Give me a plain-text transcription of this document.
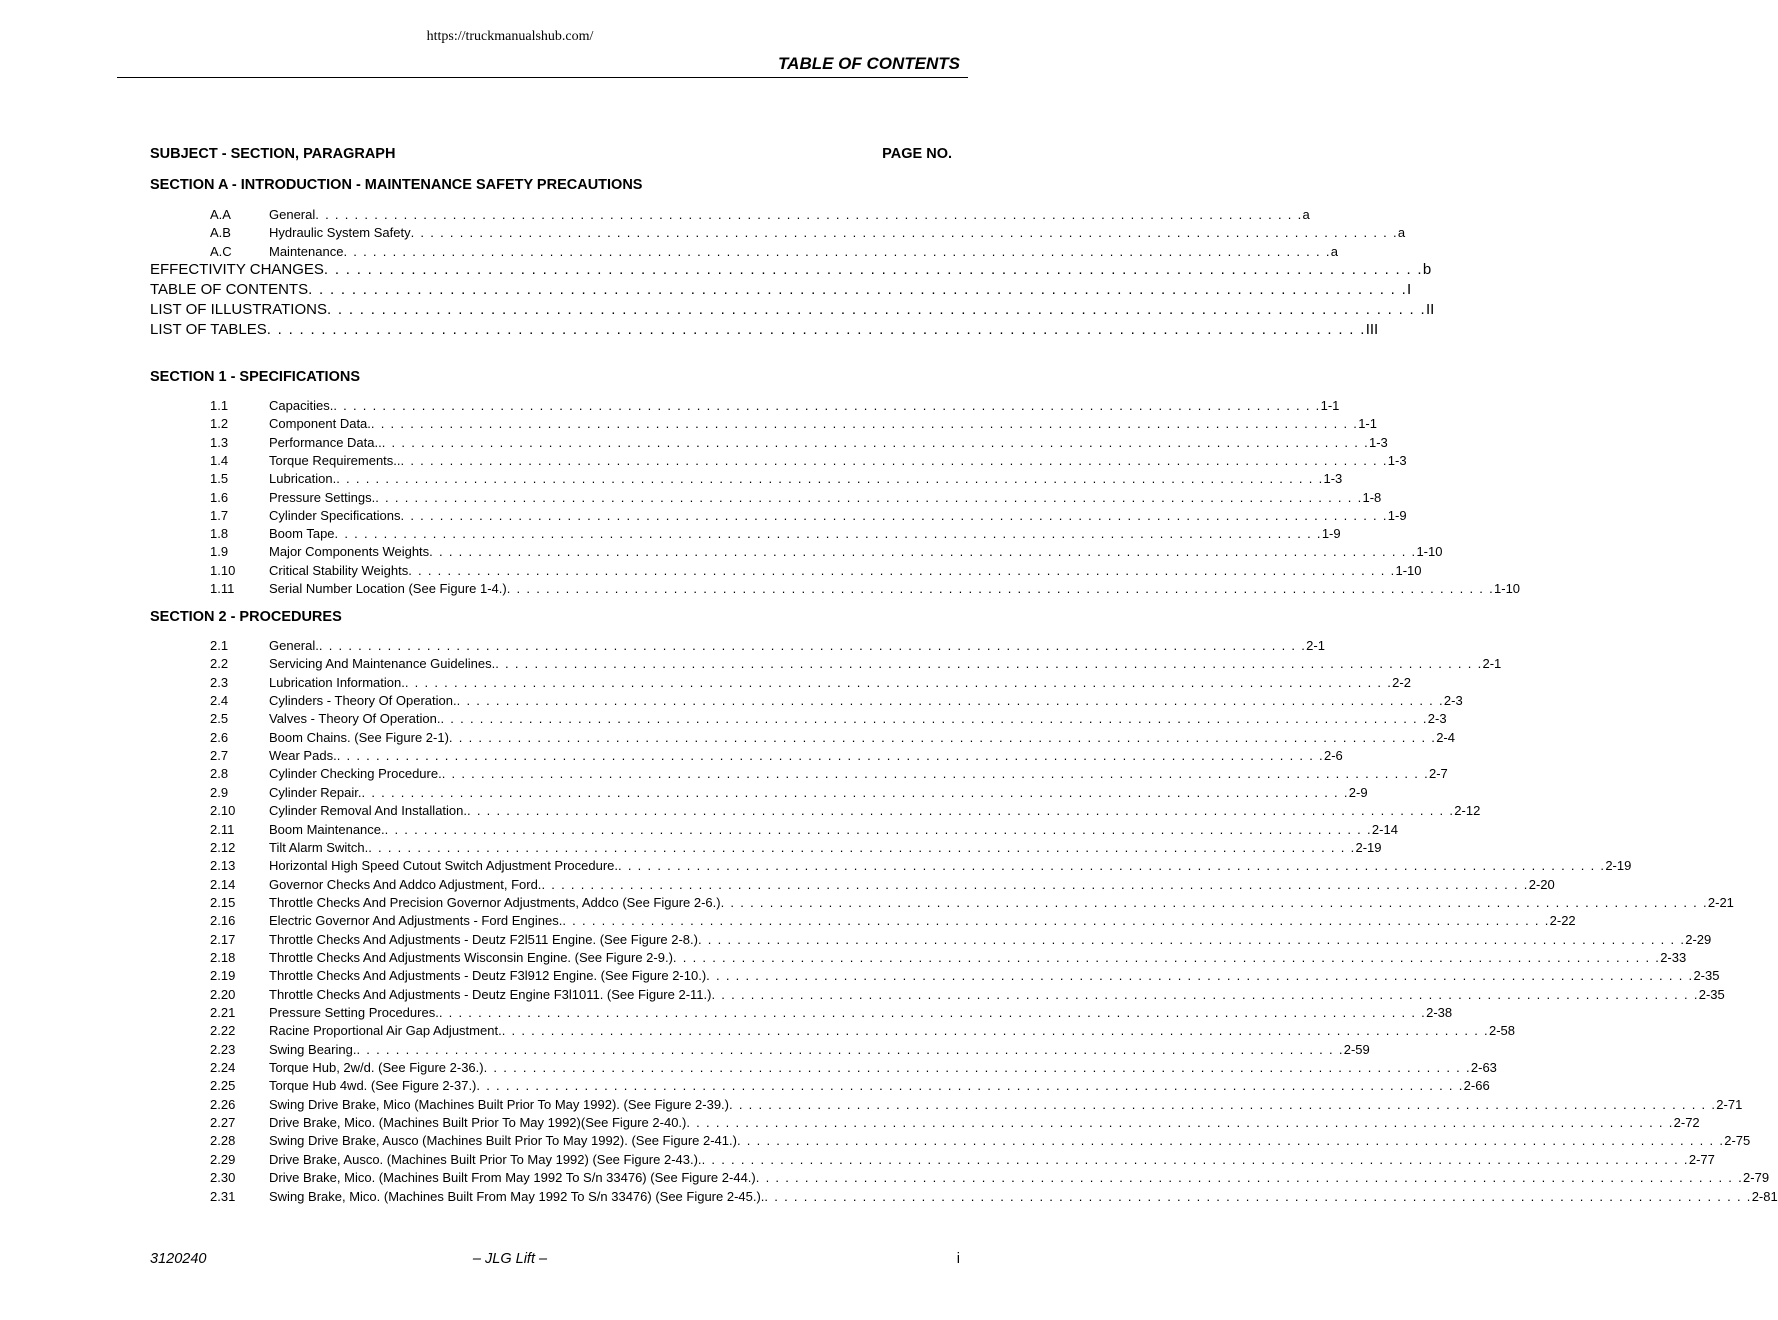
https://truckmanualshub.com/
TABLE OF CONTENTS
SUBJECT - SECTION, PARAGRAPH	PAGE NO.
SECTION A - INTRODUCTION - MAINTENANCE SAFETY PRECAUTIONS
A.A	General . . . . . . . . . . . . . . . . . . . . . . . . . . . . . . . . . . . . . . . . . . . . . . . . . . . . . . . . . . . . . . . . . . . . . . . . . . . . . . . . . . . . . . . . . . . . . . . . . . . . . a
A.B	Hydraulic System Safety . . . . . . . . . . . . . . . . . . . . . . . . . . . . . . . . . . . . . . . . . . . . . . . . . . . . . . . . . . . . . . . . . . . . . . . . . . . . . . . . . . . . . . . . . . . . . . . . . . . . . a
A.C	Maintenance . . . . . . . . . . . . . . . . . . . . . . . . . . . . . . . . . . . . . . . . . . . . . . . . . . . . . . . . . . . . . . . . . . . . . . . . . . . . . . . . . . . . . . . . . . . . . . . . . . . . . a
EFFECTIVITY CHANGES . . . . . . . . . . . . . . . . . . . . . . . . . . . . . . . . . . . . . . . . . . . . . . . . . . . . . . . . . . . . . . . . . . . . . . . . . . . . . . . . . . . . . . . . . . . . . . . . . . . . . b
TABLE OF CONTENTS . . . . . . . . . . . . . . . . . . . . . . . . . . . . . . . . . . . . . . . . . . . . . . . . . . . . . . . . . . . . . . . . . . . . . . . . . . . . . . . . . . . . . . . . . . . . . . . . . . . . . I
LIST OF ILLUSTRATIONS . . . . . . . . . . . . . . . . . . . . . . . . . . . . . . . . . . . . . . . . . . . . . . . . . . . . . . . . . . . . . . . . . . . . . . . . . . . . . . . . . . . . . . . . . . . . . . . . . . . . . II
LIST OF TABLES . . . . . . . . . . . . . . . . . . . . . . . . . . . . . . . . . . . . . . . . . . . . . . . . . . . . . . . . . . . . . . . . . . . . . . . . . . . . . . . . . . . . . . . . . . . . . . . . . . . . . III
SECTION 1 - SPECIFICATIONS
1.1	Capacities. . . . . . . . . . . . . . . . . . . . . . . . . . . . . . . . . . . . . . . . . . . . . . . . . . . . . . . . . . . . . . . . . . . . . . . . . . . . . . . . . . . . . . . . . . . . . . . . . . . . . . 1-1
1.2	Component Data. . . . . . . . . . . . . . . . . . . . . . . . . . . . . . . . . . . . . . . . . . . . . . . . . . . . . . . . . . . . . . . . . . . . . . . . . . . . . . . . . . . . . . . . . . . . . . . . . . . . . . 1-1
1.3	Performance Data.. . . . . . . . . . . . . . . . . . . . . . . . . . . . . . . . . . . . . . . . . . . . . . . . . . . . . . . . . . . . . . . . . . . . . . . . . . . . . . . . . . . . . . . . . . . . . . . . . . . . . . 1-3
1.4	Torque Requirements.. . . . . . . . . . . . . . . . . . . . . . . . . . . . . . . . . . . . . . . . . . . . . . . . . . . . . . . . . . . . . . . . . . . . . . . . . . . . . . . . . . . . . . . . . . . . . . . . . . . . . . 1-3
1.5	Lubrication. . . . . . . . . . . . . . . . . . . . . . . . . . . . . . . . . . . . . . . . . . . . . . . . . . . . . . . . . . . . . . . . . . . . . . . . . . . . . . . . . . . . . . . . . . . . . . . . . . . . . . 1-3
1.6	Pressure Settings. . . . . . . . . . . . . . . . . . . . . . . . . . . . . . . . . . . . . . . . . . . . . . . . . . . . . . . . . . . . . . . . . . . . . . . . . . . . . . . . . . . . . . . . . . . . . . . . . . . . . . 1-8
1.7	Cylinder Specifications . . . . . . . . . . . . . . . . . . . . . . . . . . . . . . . . . . . . . . . . . . . . . . . . . . . . . . . . . . . . . . . . . . . . . . . . . . . . . . . . . . . . . . . . . . . . . . . . . . . . . 1-9
1.8	Boom Tape . . . . . . . . . . . . . . . . . . . . . . . . . . . . . . . . . . . . . . . . . . . . . . . . . . . . . . . . . . . . . . . . . . . . . . . . . . . . . . . . . . . . . . . . . . . . . . . . . . . . . 1-9
1.9	Major Components Weights . . . . . . . . . . . . . . . . . . . . . . . . . . . . . . . . . . . . . . . . . . . . . . . . . . . . . . . . . . . . . . . . . . . . . . . . . . . . . . . . . . . . . . . . . . . . . . . . . . . . . 1-10
1.10	Critical Stability Weights . . . . . . . . . . . . . . . . . . . . . . . . . . . . . . . . . . . . . . . . . . . . . . . . . . . . . . . . . . . . . . . . . . . . . . . . . . . . . . . . . . . . . . . . . . . . . . . . . . . . . 1-10
1.11	Serial Number Location (See Figure 1-4.) . . . . . . . . . . . . . . . . . . . . . . . . . . . . . . . . . . . . . . . . . . . . . . . . . . . . . . . . . . . . . . . . . . . . . . . . . . . . . . . . . . . . . . . . . . . . . . . . . . . . . 1-10
SECTION 2 - PROCEDURES
2.1	General. . . . . . . . . . . . . . . . . . . . . . . . . . . . . . . . . . . . . . . . . . . . . . . . . . . . . . . . . . . . . . . . . . . . . . . . . . . . . . . . . . . . . . . . . . . . . . . . . . . . . . 2-1
2.2	Servicing And Maintenance Guidelines. . . . . . . . . . . . . . . . . . . . . . . . . . . . . . . . . . . . . . . . . . . . . . . . . . . . . . . . . . . . . . . . . . . . . . . . . . . . . . . . . . . . . . . . . . . . . . . . . . . . . . 2-1
2.3	Lubrication Information. . . . . . . . . . . . . . . . . . . . . . . . . . . . . . . . . . . . . . . . . . . . . . . . . . . . . . . . . . . . . . . . . . . . . . . . . . . . . . . . . . . . . . . . . . . . . . . . . . . . . . 2-2
2.4	Cylinders - Theory Of Operation. . . . . . . . . . . . . . . . . . . . . . . . . . . . . . . . . . . . . . . . . . . . . . . . . . . . . . . . . . . . . . . . . . . . . . . . . . . . . . . . . . . . . . . . . . . . . . . . . . . . . . 2-3
2.5	Valves - Theory Of Operation. . . . . . . . . . . . . . . . . . . . . . . . . . . . . . . . . . . . . . . . . . . . . . . . . . . . . . . . . . . . . . . . . . . . . . . . . . . . . . . . . . . . . . . . . . . . . . . . . . . . . . 2-3
2.6	Boom Chains. (See Figure 2-1) . . . . . . . . . . . . . . . . . . . . . . . . . . . . . . . . . . . . . . . . . . . . . . . . . . . . . . . . . . . . . . . . . . . . . . . . . . . . . . . . . . . . . . . . . . . . . . . . . . . . . 2-4
2.7	Wear Pads. . . . . . . . . . . . . . . . . . . . . . . . . . . . . . . . . . . . . . . . . . . . . . . . . . . . . . . . . . . . . . . . . . . . . . . . . . . . . . . . . . . . . . . . . . . . . . . . . . . . . . 2-6
2.8	Cylinder Checking Procedure. . . . . . . . . . . . . . . . . . . . . . . . . . . . . . . . . . . . . . . . . . . . . . . . . . . . . . . . . . . . . . . . . . . . . . . . . . . . . . . . . . . . . . . . . . . . . . . . . . . . . . 2-7
2.9	Cylinder Repair. . . . . . . . . . . . . . . . . . . . . . . . . . . . . . . . . . . . . . . . . . . . . . . . . . . . . . . . . . . . . . . . . . . . . . . . . . . . . . . . . . . . . . . . . . . . . . . . . . . . . . 2-9
2.10	Cylinder Removal And Installation. . . . . . . . . . . . . . . . . . . . . . . . . . . . . . . . . . . . . . . . . . . . . . . . . . . . . . . . . . . . . . . . . . . . . . . . . . . . . . . . . . . . . . . . . . . . . . . . . . . . . . 2-12
2.11	Boom Maintenance. . . . . . . . . . . . . . . . . . . . . . . . . . . . . . . . . . . . . . . . . . . . . . . . . . . . . . . . . . . . . . . . . . . . . . . . . . . . . . . . . . . . . . . . . . . . . . . . . . . . . . 2-14
2.12	Tilt Alarm Switch. . . . . . . . . . . . . . . . . . . . . . . . . . . . . . . . . . . . . . . . . . . . . . . . . . . . . . . . . . . . . . . . . . . . . . . . . . . . . . . . . . . . . . . . . . . . . . . . . . . . . . 2-19
2.13	Horizontal High Speed Cutout Switch Adjustment Procedure. . . . . . . . . . . . . . . . . . . . . . . . . . . . . . . . . . . . . . . . . . . . . . . . . . . . . . . . . . . . . . . . . . . . . . . . . . . . . . . . . . . . . . . . . . . . . . . . . . . . . . 2-19
2.14	Governor Checks And Addco Adjustment, Ford. . . . . . . . . . . . . . . . . . . . . . . . . . . . . . . . . . . . . . . . . . . . . . . . . . . . . . . . . . . . . . . . . . . . . . . . . . . . . . . . . . . . . . . . . . . . . . . . . . . . . . 2-20
2.15	Throttle Checks And Precision Governor Adjustments, Addco (See Figure 2-6.) . . . . . . . . . . . . . . . . . . . . . . . . . . . . . . . . . . . . . . . . . . . . . . . . . . . . . . . . . . . . . . . . . . . . . . . . . . . . . . . . . . . . . . . . . . . . . . . . . . . . . 2-21
2.16	Electric Governor And Adjustments - Ford Engines. . . . . . . . . . . . . . . . . . . . . . . . . . . . . . . . . . . . . . . . . . . . . . . . . . . . . . . . . . . . . . . . . . . . . . . . . . . . . . . . . . . . . . . . . . . . . . . . . . . . . . 2-22
2.17	Throttle Checks And Adjustments - Deutz F2l511 Engine. (See Figure 2-8.) . . . . . . . . . . . . . . . . . . . . . . . . . . . . . . . . . . . . . . . . . . . . . . . . . . . . . . . . . . . . . . . . . . . . . . . . . . . . . . . . . . . . . . . . . . . . . . . . . . . . . 2-29
2.18	Throttle Checks And Adjustments Wisconsin Engine. (See Figure 2-9.) . . . . . . . . . . . . . . . . . . . . . . . . . . . . . . . . . . . . . . . . . . . . . . . . . . . . . . . . . . . . . . . . . . . . . . . . . . . . . . . . . . . . . . . . . . . . . . . . . . . . . 2-33
2.19	Throttle Checks And Adjustments - Deutz F3l912 Engine. (See Figure 2-10.) . . . . . . . . . . . . . . . . . . . . . . . . . . . . . . . . . . . . . . . . . . . . . . . . . . . . . . . . . . . . . . . . . . . . . . . . . . . . . . . . . . . . . . . . . . . . . . . . . . . . . 2-35
2.20	Throttle Checks And Adjustments - Deutz Engine F3l1011. (See Figure 2-11.) . . . . . . . . . . . . . . . . . . . . . . . . . . . . . . . . . . . . . . . . . . . . . . . . . . . . . . . . . . . . . . . . . . . . . . . . . . . . . . . . . . . . . . . . . . . . . . . . . . . . . 2-35
2.21	Pressure Setting Procedures. . . . . . . . . . . . . . . . . . . . . . . . . . . . . . . . . . . . . . . . . . . . . . . . . . . . . . . . . . . . . . . . . . . . . . . . . . . . . . . . . . . . . . . . . . . . . . . . . . . . . . 2-38
2.22	Racine Proportional Air Gap Adjustment. . . . . . . . . . . . . . . . . . . . . . . . . . . . . . . . . . . . . . . . . . . . . . . . . . . . . . . . . . . . . . . . . . . . . . . . . . . . . . . . . . . . . . . . . . . . . . . . . . . . . . 2-58
2.23	Swing Bearing. . . . . . . . . . . . . . . . . . . . . . . . . . . . . . . . . . . . . . . . . . . . . . . . . . . . . . . . . . . . . . . . . . . . . . . . . . . . . . . . . . . . . . . . . . . . . . . . . . . . . . 2-59
2.24	Torque Hub, 2w/d. (See Figure 2-36.) . . . . . . . . . . . . . . . . . . . . . . . . . . . . . . . . . . . . . . . . . . . . . . . . . . . . . . . . . . . . . . . . . . . . . . . . . . . . . . . . . . . . . . . . . . . . . . . . . . . . . 2-63
2.25	Torque Hub 4wd. (See Figure 2-37.) . . . . . . . . . . . . . . . . . . . . . . . . . . . . . . . . . . . . . . . . . . . . . . . . . . . . . . . . . . . . . . . . . . . . . . . . . . . . . . . . . . . . . . . . . . . . . . . . . . . . . 2-66
2.26	Swing Drive Brake, Mico (Machines Built Prior To May 1992). (See Figure 2-39.) . . . . . . . . . . . . . . . . . . . . . . . . . . . . . . . . . . . . . . . . . . . . . . . . . . . . . . . . . . . . . . . . . . . . . . . . . . . . . . . . . . . . . . . . . . . . . . . . . . . . . 2-71
2.27	Drive Brake, Mico. (Machines Built Prior To May 1992)(See Figure 2-40.) . . . . . . . . . . . . . . . . . . . . . . . . . . . . . . . . . . . . . . . . . . . . . . . . . . . . . . . . . . . . . . . . . . . . . . . . . . . . . . . . . . . . . . . . . . . . . . . . . . . . . 2-72
2.28	Swing Drive Brake, Ausco (Machines Built Prior To May 1992). (See Figure 2-41.) . . . . . . . . . . . . . . . . . . . . . . . . . . . . . . . . . . . . . . . . . . . . . . . . . . . . . . . . . . . . . . . . . . . . . . . . . . . . . . . . . . . . . . . . . . . . . . . . . . . . . 2-75
2.29	Drive Brake, Ausco. (Machines Built Prior To May 1992) (See Figure 2-43.). . . . . . . . . . . . . . . . . . . . . . . . . . . . . . . . . . . . . . . . . . . . . . . . . . . . . . . . . . . . . . . . . . . . . . . . . . . . . . . . . . . . . . . . . . . . . . . . . . . . . . 2-77
2.30	Drive Brake, Mico. (Machines Built From May 1992 To S/n 33476) (See Figure 2-44.) . . . . . . . . . . . . . . . . . . . . . . . . . . . . . . . . . . . . . . . . . . . . . . . . . . . . . . . . . . . . . . . . . . . . . . . . . . . . . . . . . . . . . . . . . . . . . . . . . . . . . 2-79
2.31	Swing Brake, Mico. (Machines Built From May 1992 To S/n 33476) (See Figure 2-45.). . . . . . . . . . . . . . . . . . . . . . . . . . . . . . . . . . . . . . . . . . . . . . . . . . . . . . . . . . . . . . . . . . . . . . . . . . . . . . . . . . . . . . . . . . . . . . . . . . . . . . 2-81
3120240	– JLG Lift –	i
